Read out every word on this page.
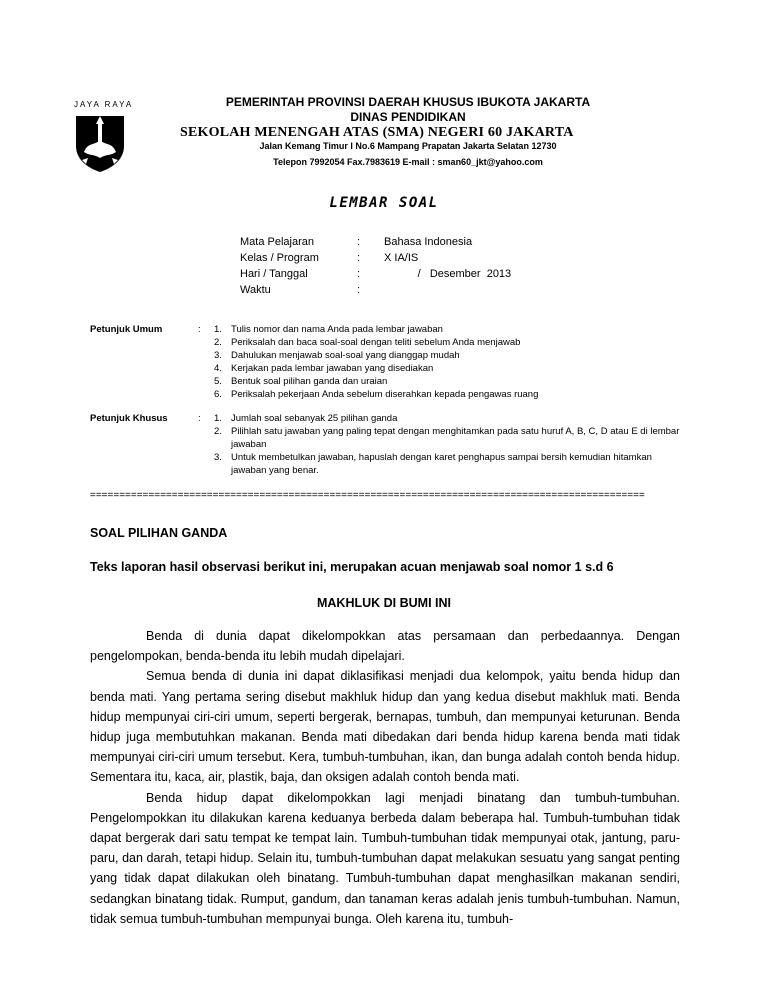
JAYA RAYA	PEMERINTAH PROVINSI DAERAH KHUSUS IBUKOTA JAKARTA
DINAS PENDIDIKAN
SEKOLAH MENENGAH ATAS (SMA) NEGERI 60 JAKARTA
Jalan Kemang Timur I No.6 Mampang Prapatan Jakarta Selatan 12730
Telepon 7992054 Fax.7983619 E-mail : sman60_jkt@yahoo.com
LEMBAR SOAL
Mata Pelajaran	:	Bahasa Indonesia
Kelas / Program	:	X IA/IS
Hari / Tanggal	:	/   Desember  2013
Waktu	:
Petunjuk Umum	: 1. Tulis nomor dan nama Anda pada lembar jawaban
2. Periksalah dan baca soal-soal dengan teliti sebelum Anda menjawab
3. Dahulukan menjawab soal-soal yang dianggap mudah
4. Kerjakan pada lembar jawaban yang disediakan
5. Bentuk soal pilihan ganda dan uraian
6. Periksalah pekerjaan Anda sebelum diserahkan kepada pengawas ruang
Petunjuk Khusus	: 1. Jumlah soal sebanyak 25 pilihan ganda
2. Pilihlah satu jawaban yang paling tepat dengan menghitamkan pada satu huruf A, B, C, D atau E di lembar jawaban
3. Untuk membetulkan jawaban, hapuslah dengan karet penghapus sampai bersih kemudian hitamkan jawaban yang benar.
===============================================================================================
SOAL PILIHAN GANDA
Teks laporan hasil observasi berikut ini, merupakan acuan menjawab soal nomor 1 s.d 6
MAKHLUK DI BUMI INI

Benda di dunia dapat dikelompokkan atas persamaan dan perbedaannya. Dengan pengelompokan, benda-benda itu lebih mudah dipelajari.

Semua benda di dunia ini dapat diklasifikasi menjadi dua kelompok, yaitu benda hidup dan benda mati. Yang pertama sering disebut makhluk hidup dan yang kedua disebut makhluk mati. Benda hidup mempunyai ciri-ciri umum, seperti bergerak, bernapas, tumbuh, dan mempunyai keturunan. Benda hidup juga membutuhkan makanan. Benda mati dibedakan dari benda hidup karena benda mati tidak mempunyai ciri-ciri umum tersebut. Kera, tumbuh-tumbuhan, ikan, dan bunga adalah contoh benda hidup. Sementara itu, kaca, air, plastik, baja, dan oksigen adalah contoh benda mati.

Benda hidup dapat dikelompokkan lagi menjadi binatang dan tumbuh-tumbuhan. Pengelompokkan itu dilakukan karena keduanya berbeda dalam beberapa hal. Tumbuh-tumbuhan tidak dapat bergerak dari satu tempat ke tempat lain. Tumbuh-tumbuhan tidak mempunyai otak, jantung, paru-paru, dan darah, tetapi hidup. Selain itu, tumbuh-tumbuhan dapat melakukan sesuatu yang sangat penting yang tidak dapat dilakukan oleh binatang. Tumbuh-tumbuhan dapat menghasilkan makanan sendiri, sedangkan binatang tidak. Rumput, gandum, dan tanaman keras adalah jenis tumbuh-tumbuhan. Namun, tidak semua tumbuh-tumbuhan mempunyai bunga. Oleh karena itu, tumbuh-
